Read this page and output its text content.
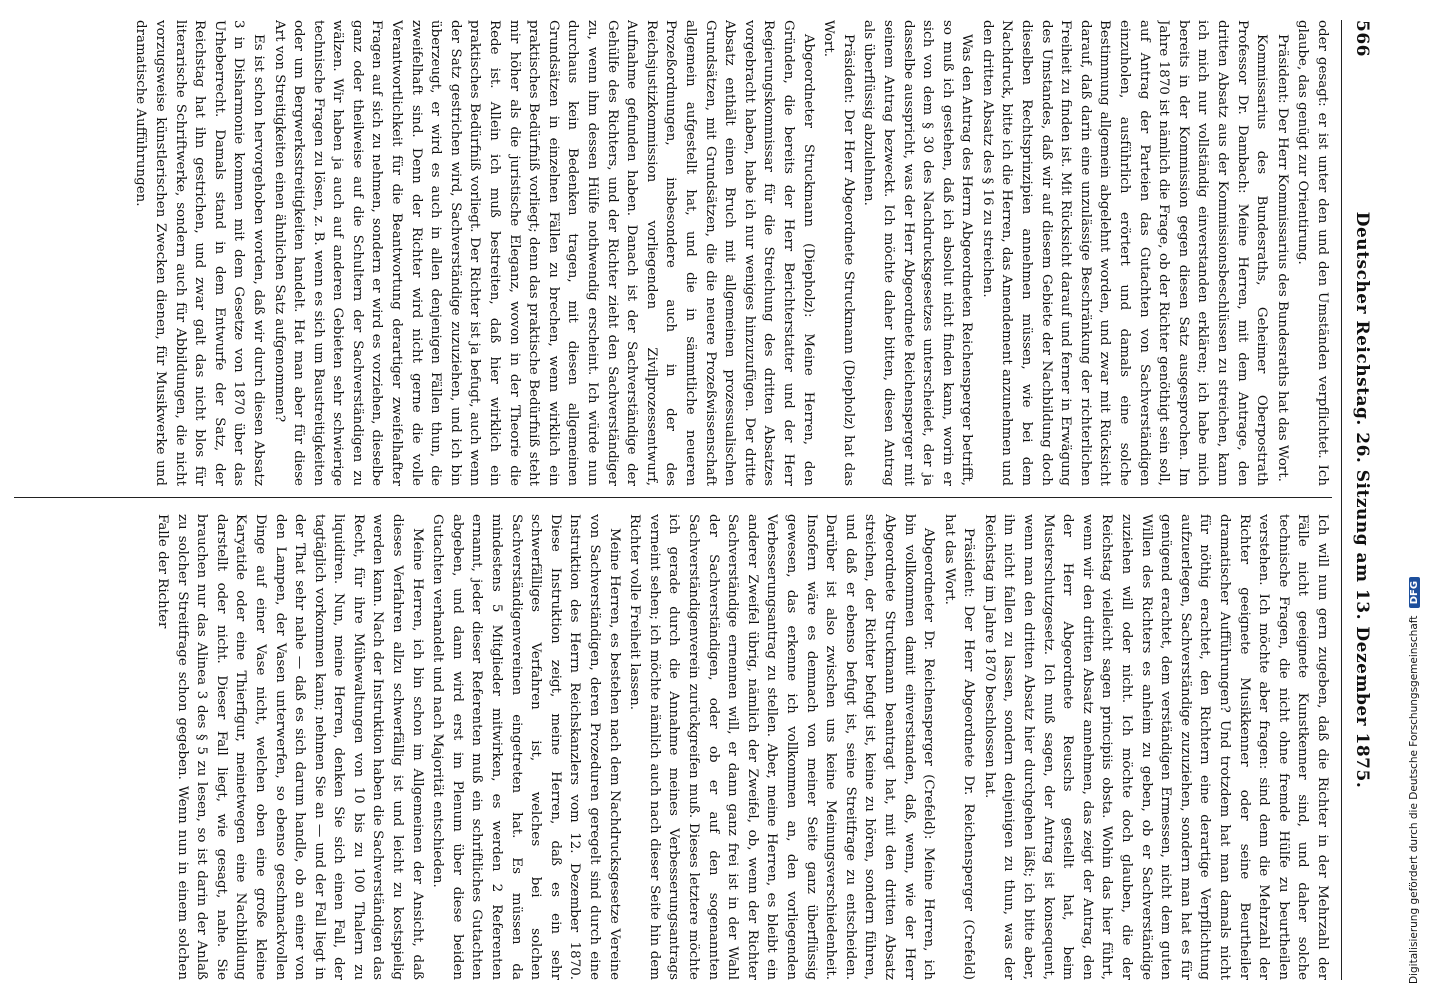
566
Deutscher Reichstag. 26. Sitzung am 13. Dezember 1875.

oder gesagt: er ist unter den und den Umständen verpflichtet. Ich glaube, das genügt zur Orientirung.

Präsident: Der Herr Kommissarius des Bundesraths hat das Wort.

Kommissarius des Bundesraths, Geheimer Oberpostrath Professor Dr. Dambach: Meine Herren, mit dem Antrage, den dritten Absatz aus der Kommissionsbeschlüssen zu streichen, kann ich mich nur vollständig einverstanden erklären; ich habe mich bereits in der Kommission gegen diesen Satz ausgesprochen. Im Jahre 1870 ist nämlich die Frage, ob der Richter genöthigt sein soll, auf Antrag der Parteien das Gutachten von Sachverständigen einzuholen, ausführlich erörtert und damals eine solche Bestimmung allgemein abgelehnt worden, und zwar mit Rücksicht darauf, daß darin eine unzulässige Beschränkung der richterlichen Freiheit zu finden ist. Mit Rücksicht darauf und ferner in Erwägung des Umstandes, daß wir auf diesem Gebiete der Nachbildung doch dieselben Rechtsprinzipien annehmen müssen, wie bei dem Nachdruck, bitte ich die Herren, das Amendement anzunehmen und den dritten Absatz des § 16 zu streichen.

Was den Antrag des Herrn Abgeordneten Reichensperger betrifft, so muß ich gestehen, daß ich absolut nicht finden kann, worin er sich von dem § 30 des Nachdrucksgesetzes unterscheidet, der ja dasselbe ausspricht, was der Herr Abgeordnete Reichensperger mit seinem Antrag bezweckt. Ich möchte daher bitten, diesen Antrag als überflüssig abzulehnen.

Präsident: Der Herr Abgeordnete Struckmann (Diepholz) hat das Wort.

Abgeordneter Struckmann (Diepholz): Meine Herren, den Gründen, die bereits der Herr Berichterstatter und der Herr Regierungskommissar für die Streichung des dritten Absatzes vorgebracht haben, habe ich nur weniges hinzuzufügen. Der dritte Absatz enthält einen Bruch mit allgemeinen prozessualischen Grundsätzen, mit Grundsätzen, die die neuere Prozeßwissenschaft allgemein aufgestellt hat, und die in sämmtliche neueren Prozeßordnungen, insbesondere auch in der des Reichsjustizkommission vorliegenden Zivilprozessentwurf, Aufnahme gefunden haben. Danach ist der Sachverständige der Gehülfe des Richters, und der Richter zieht den Sachverständiger zu, wenn ihm dessen Hülfe nothwendig erscheint. Ich würde nun durchaus kein Bedenken tragen, mit diesen allgemeinen Grundsätzen in einzelnen Fällen zu brechen, wenn wirklich ein praktisches Bedürfniß vorliegt; denn das praktische Bedürfniß steht mir höher als die juristische Eleganz, wovon in der Theorie die Rede ist. Allein ich muß bestreiten, daß hier wirklich ein praktisches Bedürfniß vorliegt. Der Richter ist ja befugt, auch wenn der Satz gestrichen wird, Sachverständige zuzuziehen, und ich bin überzeugt, er wird es auch in allen denjenigen Fällen thun, die zweifelhaft sind. Denn der Richter wird nicht gerne die volle Verantwortlichkeit für die Beantwortung derartiger zweifelhafter Fragen auf sich zu nehmen, sondern er wird es vorziehen, dieselbe ganz oder theilweise auf die Schultern der Sachverständigen zu wälzen. Wir haben ja auch auf anderen Gebieten sehr schwierige technische Fragen zu lösen, z. B. wenn es sich um Baustreitigkeiten oder um Bergwerksstreitigkeiten handelt. Hat man aber für diese Art von Streitigkeiten einen ähnlichen Satz aufgenommen?

Es ist schon hervorgehoben worden, daß wir durch diesen Absatz 3 in Disharmonie kommen mit dem Gesetze von 1870 über das Urheberrecht. Damals stand in dem Entwurfe der Satz, der Reichstag hat ihn gestrichen, und zwar galt das nicht blos für literarische Schriftwerke, sondern auch für Abbildungen, die nicht vorzugsweise künstlerischen Zwecken dienen, für Musikwerke und dramatische Aufführungen.

Ich will nun gern zugeben, daß die Richter in der Mehrzahl der Fälle nicht geeignete Kunstkenner sind, und daher solche technische Fragen, die nicht ohne fremde Hülfe zu beurtheilen verstehen. Ich möchte aber fragen: sind denn die Mehrzahl der Richter geeignete Musikkenner oder seine Beurtheiler dramatischer Aufführungen? Und trotzdem hat man damals nicht für nöthig erachtet, den Richtern eine derartige Verpflichtung aufzuerlegen, Sachverständige zuzuziehen, sondern man hat es für genügend erachtet, dem verständigen Ermessen, nicht dem guten Willen des Richters es anheim zu geben, ob er Sachverständige zuziehen will oder nicht. Ich möchte doch glauben, die der Reichstag vielleicht sagen principiis obsta. Wohin das hier führt, wenn wir den dritten Absatz annehmen, das zeigt der Antrag, den der Herr Abgeordnete Reuschs gestellt hat, beim Musterschutzgesetz. Ich muß sagen, der Antrag ist konsequent, wenn man den dritten Absatz hier durchgehen läßt; ich bitte aber, ihn nicht fallen zu lassen, sondern denjenigen zu thun, was der Reichstag im Jahre 1870 beschlossen hat.

Präsident: Der Herr Abgeordnete Dr. Reichensperger (Crefeld) hat das Wort.

Abgeordneter Dr. Reichensperger (Crefeld): Meine Herren, ich bin vollkommen damit einverstanden, daß, wenn, wie der Herr Abgeordnete Struckmann beantragt hat, mit den dritten Absatz streichen, der Richter befugt ist, keine zu hören, sondern führen, und daß er ebenso befugt ist, seine Streitfrage zu entscheiden. Darüber ist also zwischen uns keine Meinungsverschiedenheit. Insofern wäre es demnach von meiner Seite ganz überflüssig gewesen, das erkenne ich vollkommen an, den vorliegenden Verbesserungsantrag zu stellen. Aber, meine Herren, es bleibt ein anderer Zweifel übrig, nämlich der Zweifel, ob, wenn der Richter Sachverständige ernennen will, er dann ganz frei ist in der Wahl der Sachverständigen, oder ob er auf den sogenannten Sachverständigenverein zurückgreifen muß. Dieses letztere möchte ich gerade durch die Annahme meines Verbesserungsantrags verneint sehen; ich möchte nämlich auch nach dieser Seite hin dem Richter volle Freiheit lassen.

Meine Herren, es bestehen nach dem Nachdrucksgesetze Vereine von Sachverständigen, deren Prozeduren geregelt sind durch eine Instruktion des Herrn Reichskanzlers vom 12. Dezember 1870. Diese Instruktion zeigt, meine Herren, daß es ein sehr schwerfälliges Verfahren ist, welches bei solchen Sachverständigenvereinen eingetreten hat. Es müssen da mindestens 5 Mitglieder mitwirken, es werden 2 Referenten ernannt, jeder dieser Referenten muß ein schriftliches Gutachten abgeben, und dann wird erst im Plenum über diese beiden Gutachten verhandelt und nach Majorität entschieden.

Meine Herren, ich bin schon im Allgemeinen der Ansicht, daß dieses Verfahren allzu schwerfällig ist und leicht zu kostspielig werden kann. Nach der Instruktion haben die Sachverständigen das Recht, für ihre Mühewaltungen von 10 bis zu 100 Thalern zu liquidiren. Nun, meine Herren, denken Sie sich einen Fall, der tagtäglich vorkommen kann; nehmen Sie an — und der Fall liegt in der That sehr nahe — daß es sich darum handle, ob an einer von den Lampen, der Vasen unterwerfen, so ebenso geschmackvollen Dinge auf einer Vase nicht, welchen oben eine große kleine Karyatide oder eine Thierfigur, meinetwegen eine Nachbildung darstellt oder nicht. Dieser Fall liegt, wie gesagt, nahe. Sie brauchen nur das Alinea 3 des § 5 zu lesen, so ist darin der Anlaß zu solcher Streitfrage schon gegeben. Wenn nun in einem solchen Falle der Richter

Digitalisierung gefördert durch die Deutsche Forschungsgemeinschaft DFG
